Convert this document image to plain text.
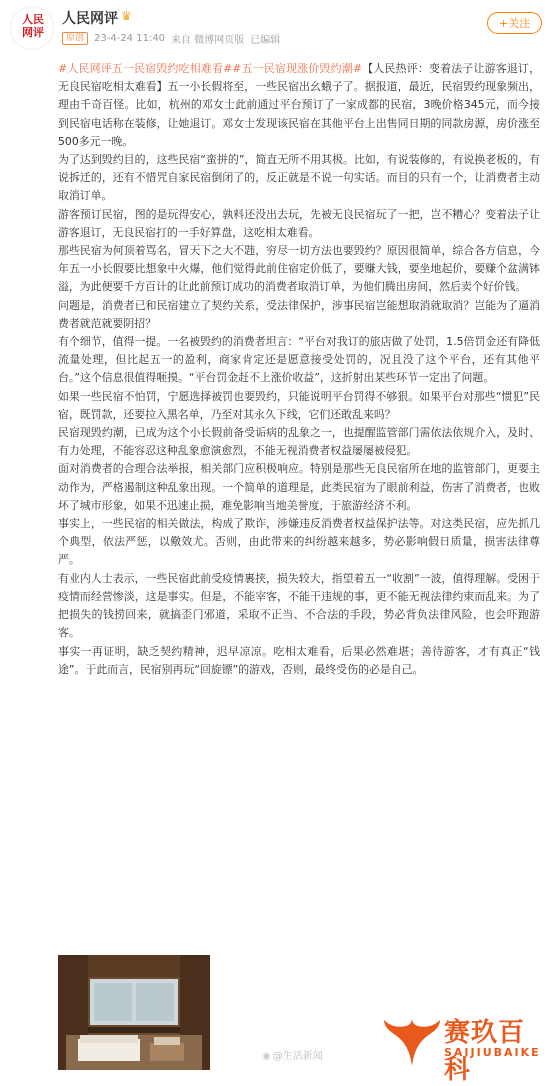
人民
网评
人民网评 ♛
原创	23-4-24 11:40 来自 微博网页版 已编辑
+关注

#人民网评五一民宿毁约吃相难看##五一民宿现涨价毁约潮#【人民热评：变着法子让游客退订，无良民宿吃相太难看】五一小长假将至，一些民宿出幺蛾子了。据报道，最近，民宿毁约现象频出，理由千奇百怪。比如，杭州的邓女士此前通过平台预订了一家成都的民宿，3晚价格345元，而今接到民宿电话称在装修，让她退订。邓女士发现该民宿在其他平台上出售同日期的同款房源，房价涨至500多元一晚。

为了达到毁约目的，这些民宿“蛮拼的”，简直无所不用其极。比如，有说装修的，有说换老板的，有说拆迁的，还有不惜咒自家民宿倒闭了的，反正就是不说一句实话。而目的只有一个，让消费者主动取消订单。

游客预订民宿，图的是玩得安心，孰料还没出去玩，先被无良民宿玩了一把，岂不糟心？变着法子让游客退订，无良民宿打的一手好算盘，这吃相太难看。

那些民宿为何顶着骂名，冒天下之大不韪，穷尽一切方法也要毁约？原因很简单，综合各方信息，今年五一小长假要比想象中火爆，他们觉得此前住宿定价低了，要赚大钱，要坐地起价，要赚个盆满钵溢，为此便要千方百计的让此前预订成功的消费者取消订单，为他们腾出房间，然后卖个好价钱。

问题是，消费者已和民宿建立了契约关系，受法律保护，涉事民宿岂能想取消就取消？岂能为了逼消费者就范就要阴招？

有个细节，值得一提。一名被毁约的消费者坦言：“平台对我订的旅店做了处罚，1.5倍罚金还有降低流量处理，但比起五一的盈利，商家肯定还是愿意接受处罚的，况且没了这个平台，还有其他平台。”这个信息很值得咂摸。“平台罚金赶不上涨价收益”，这折射出某些环节一定出了问题。

如果一些民宿不怕罚，宁愿选择被罚也要毁约，只能说明平台罚得不够狠。如果平台对那些“惯犯”民宿，既罚款，还要拉入黑名单，乃至对其永久下线，它们还敢乱来吗？

民宿现毁约潮，已成为这个小长假前备受诟病的乱象之一，也提醒监管部门需依法依规介入，及时、有力处理，不能容忍这种乱象愈演愈烈，不能无视消费者权益屡屡被侵犯。

面对消费者的合理合法举报，相关部门应积极响应。特别是那些无良民宿所在地的监管部门，更要主动作为，严格遏制这种乱象出现。一个简单的道理是，此类民宿为了眼前利益，伤害了消费者，也败坏了城市形象，如果不迅速止损，难免影响当地美誉度，于旅游经济不利。

事实上，一些民宿的相关做法，构成了欺诈，涉嫌违反消费者权益保护法等。对这类民宿，应先抓几个典型，依法严惩，以儆效尤。否则，由此带来的纠纷越来越多，势必影响假日质量，损害法律尊严。

有业内人士表示，一些民宿此前受疫情裹挟，损失较大，指望着五一“收割”一波，值得理解。受困于疫情而经营惨淡，这是事实。但是，不能宰客，不能干违规的事，更不能无视法律约束而乱来。为了把损失的钱捞回来，就搞歪门邪道，采取不正当、不合法的手段，势必背负法律风险，也会吓跑游客。

事实一再证明，缺乏契约精神，迟早凉凉。吃相太难看，后果必然难堪；善待游客，才有真正“钱途”。于此而言，民宿别再玩“回旋镖”的游戏，否则，最终受伤的必是自己。

◉ @生活新闻
赛玖百科
SAIJIUBAIKE
